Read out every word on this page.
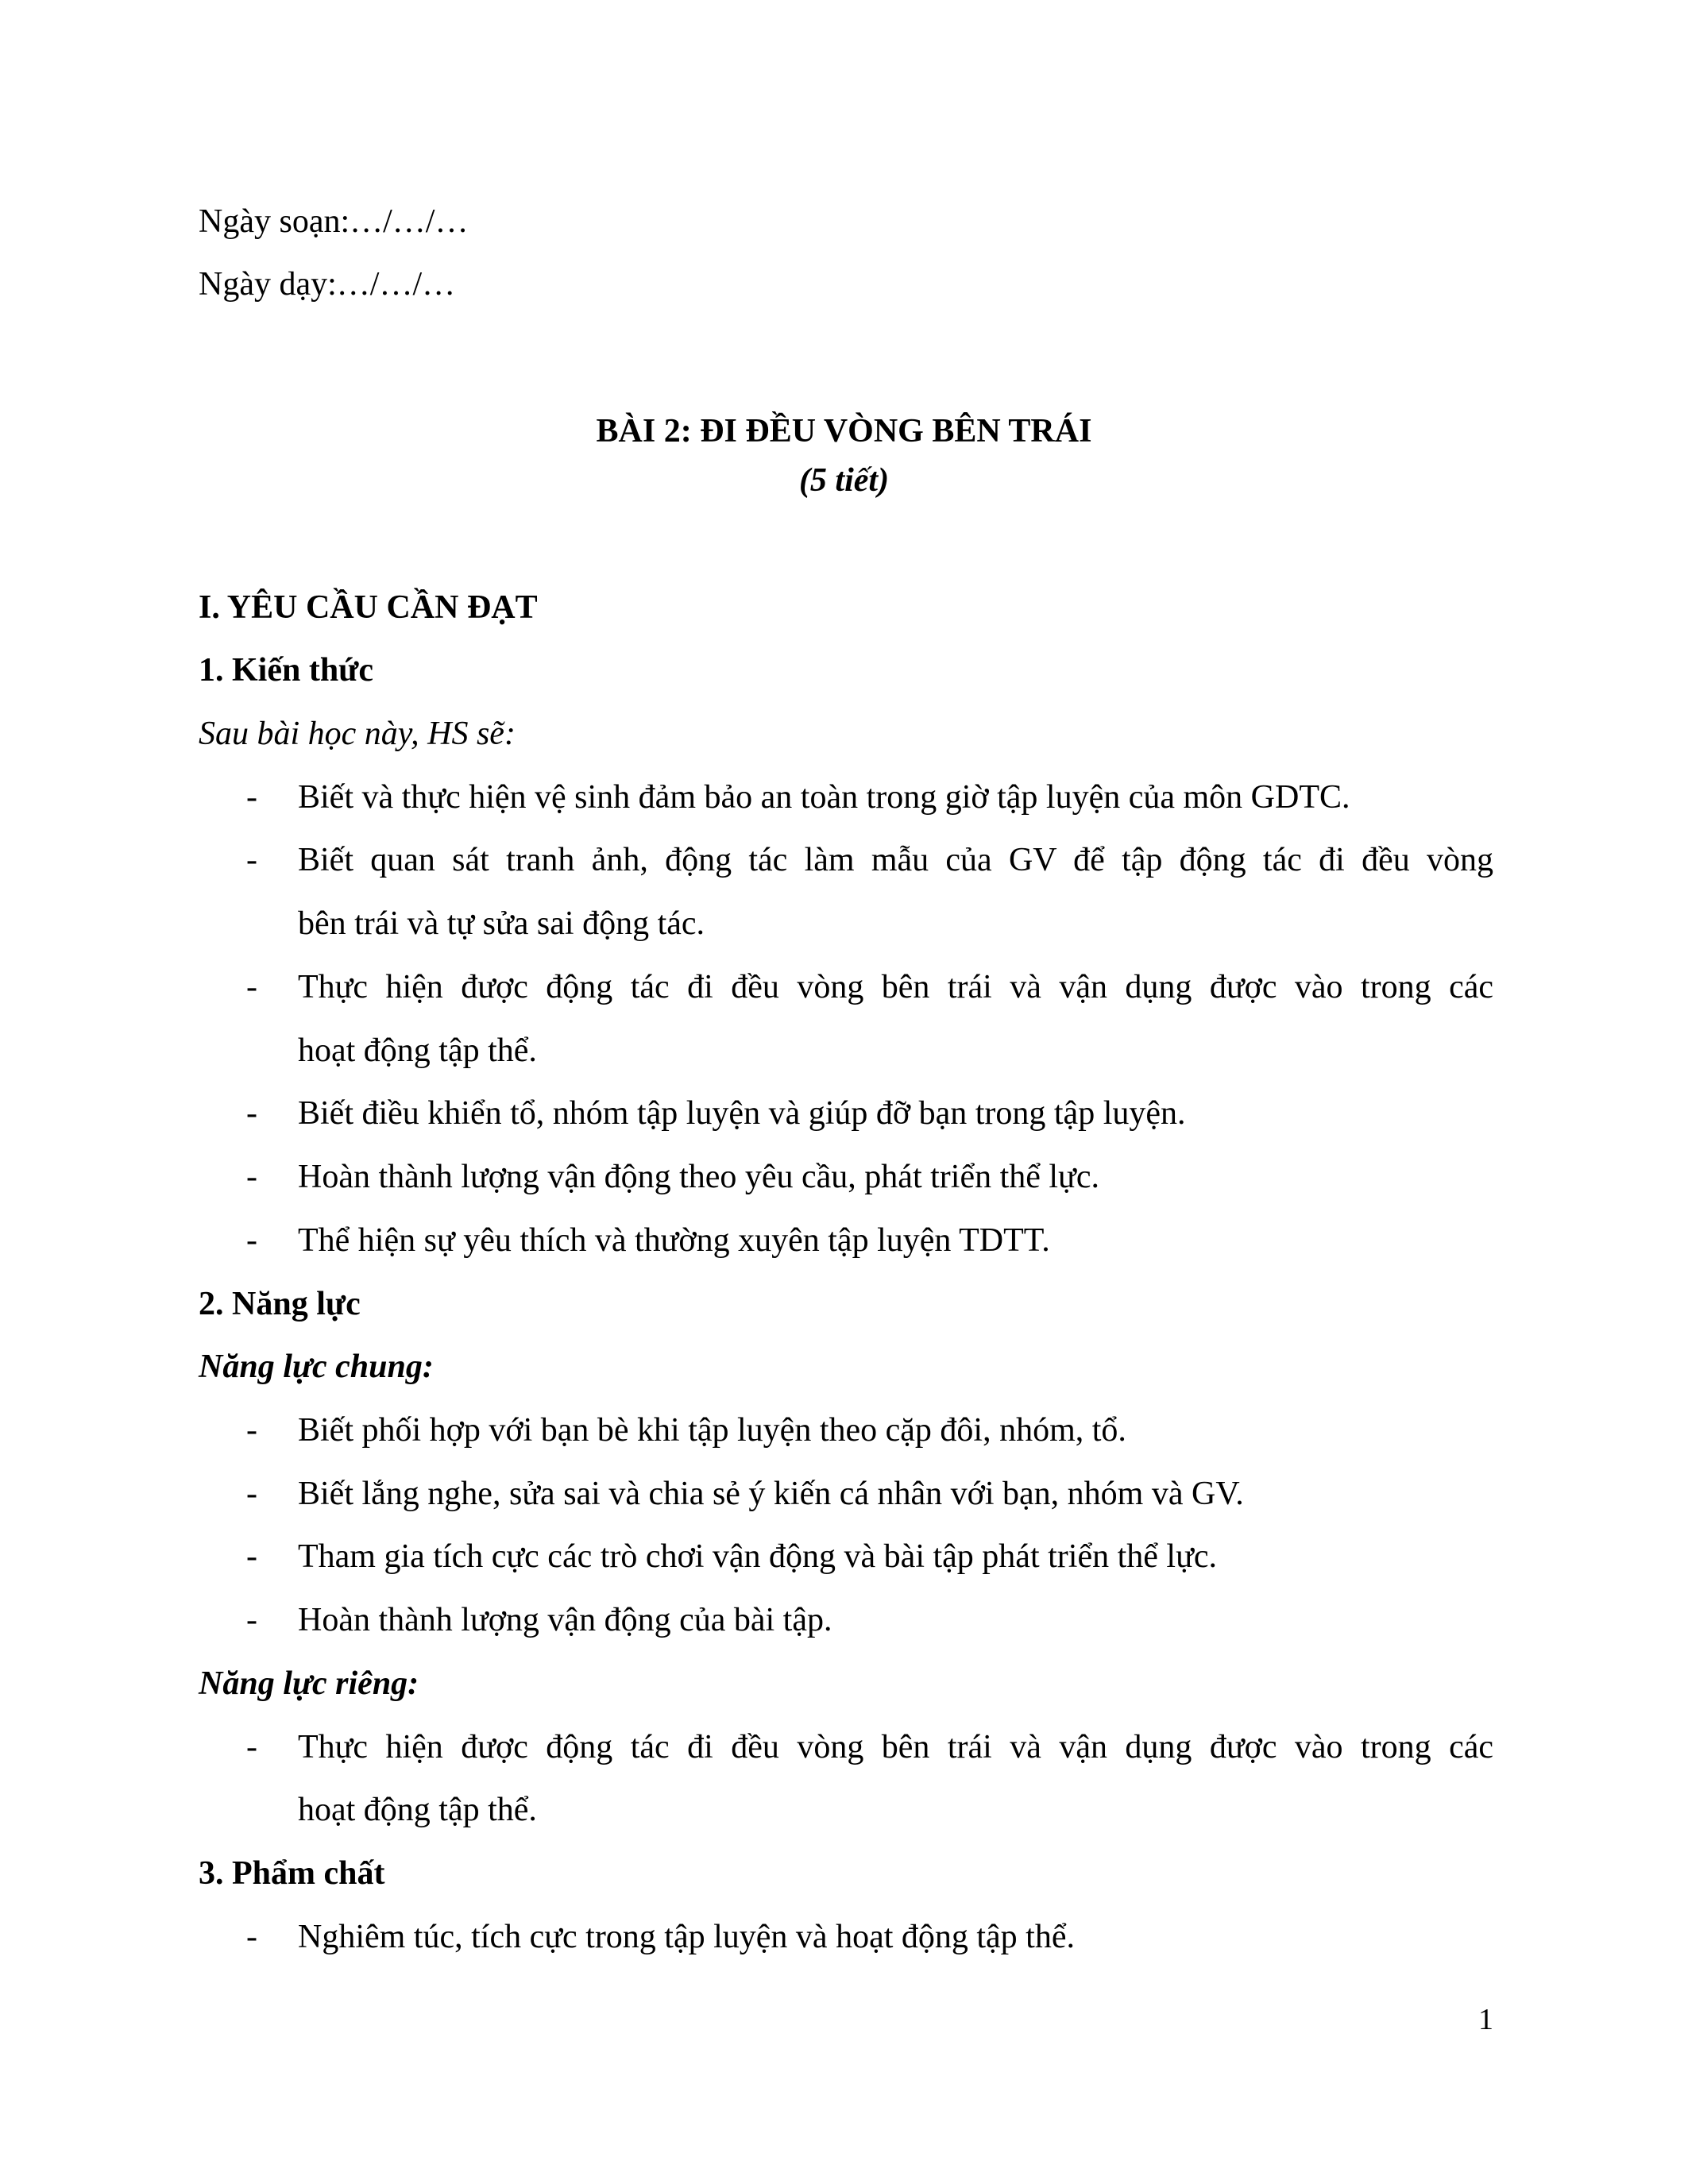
Ngày soạn:…/…/…
Ngày dạy:…/…/…
BÀI 2: ĐI ĐỀU VÒNG BÊN TRÁI
(5 tiết)
I. YÊU CẦU CẦN ĐẠT
1. Kiến thức
Sau bài học này, HS sẽ:
- Biết và thực hiện vệ sinh đảm bảo an toàn trong giờ tập luyện của môn GDTC.
- Biết quan sát tranh ảnh, động tác làm mẫu của GV để tập động tác đi đều vòng
bên trái và tự sửa sai động tác.
- Thực hiện được động tác đi đều vòng bên trái và vận dụng được vào trong các
hoạt động tập thể.
- Biết điều khiển tổ, nhóm tập luyện và giúp đỡ bạn trong tập luyện.
- Hoàn thành lượng vận động theo yêu cầu, phát triển thể lực.
- Thể hiện sự yêu thích và thường xuyên tập luyện TDTT.
2. Năng lực
Năng lực chung:
- Biết phối hợp với bạn bè khi tập luyện theo cặp đôi, nhóm, tổ.
- Biết lắng nghe, sửa sai và chia sẻ ý kiến cá nhân với bạn, nhóm và GV.
- Tham gia tích cực các trò chơi vận động và bài tập phát triển thể lực.
- Hoàn thành lượng vận động của bài tập.
Năng lực riêng:
- Thực hiện được động tác đi đều vòng bên trái và vận dụng được vào trong các
hoạt động tập thể.
3. Phẩm chất
- Nghiêm túc, tích cực trong tập luyện và hoạt động tập thể.
1
